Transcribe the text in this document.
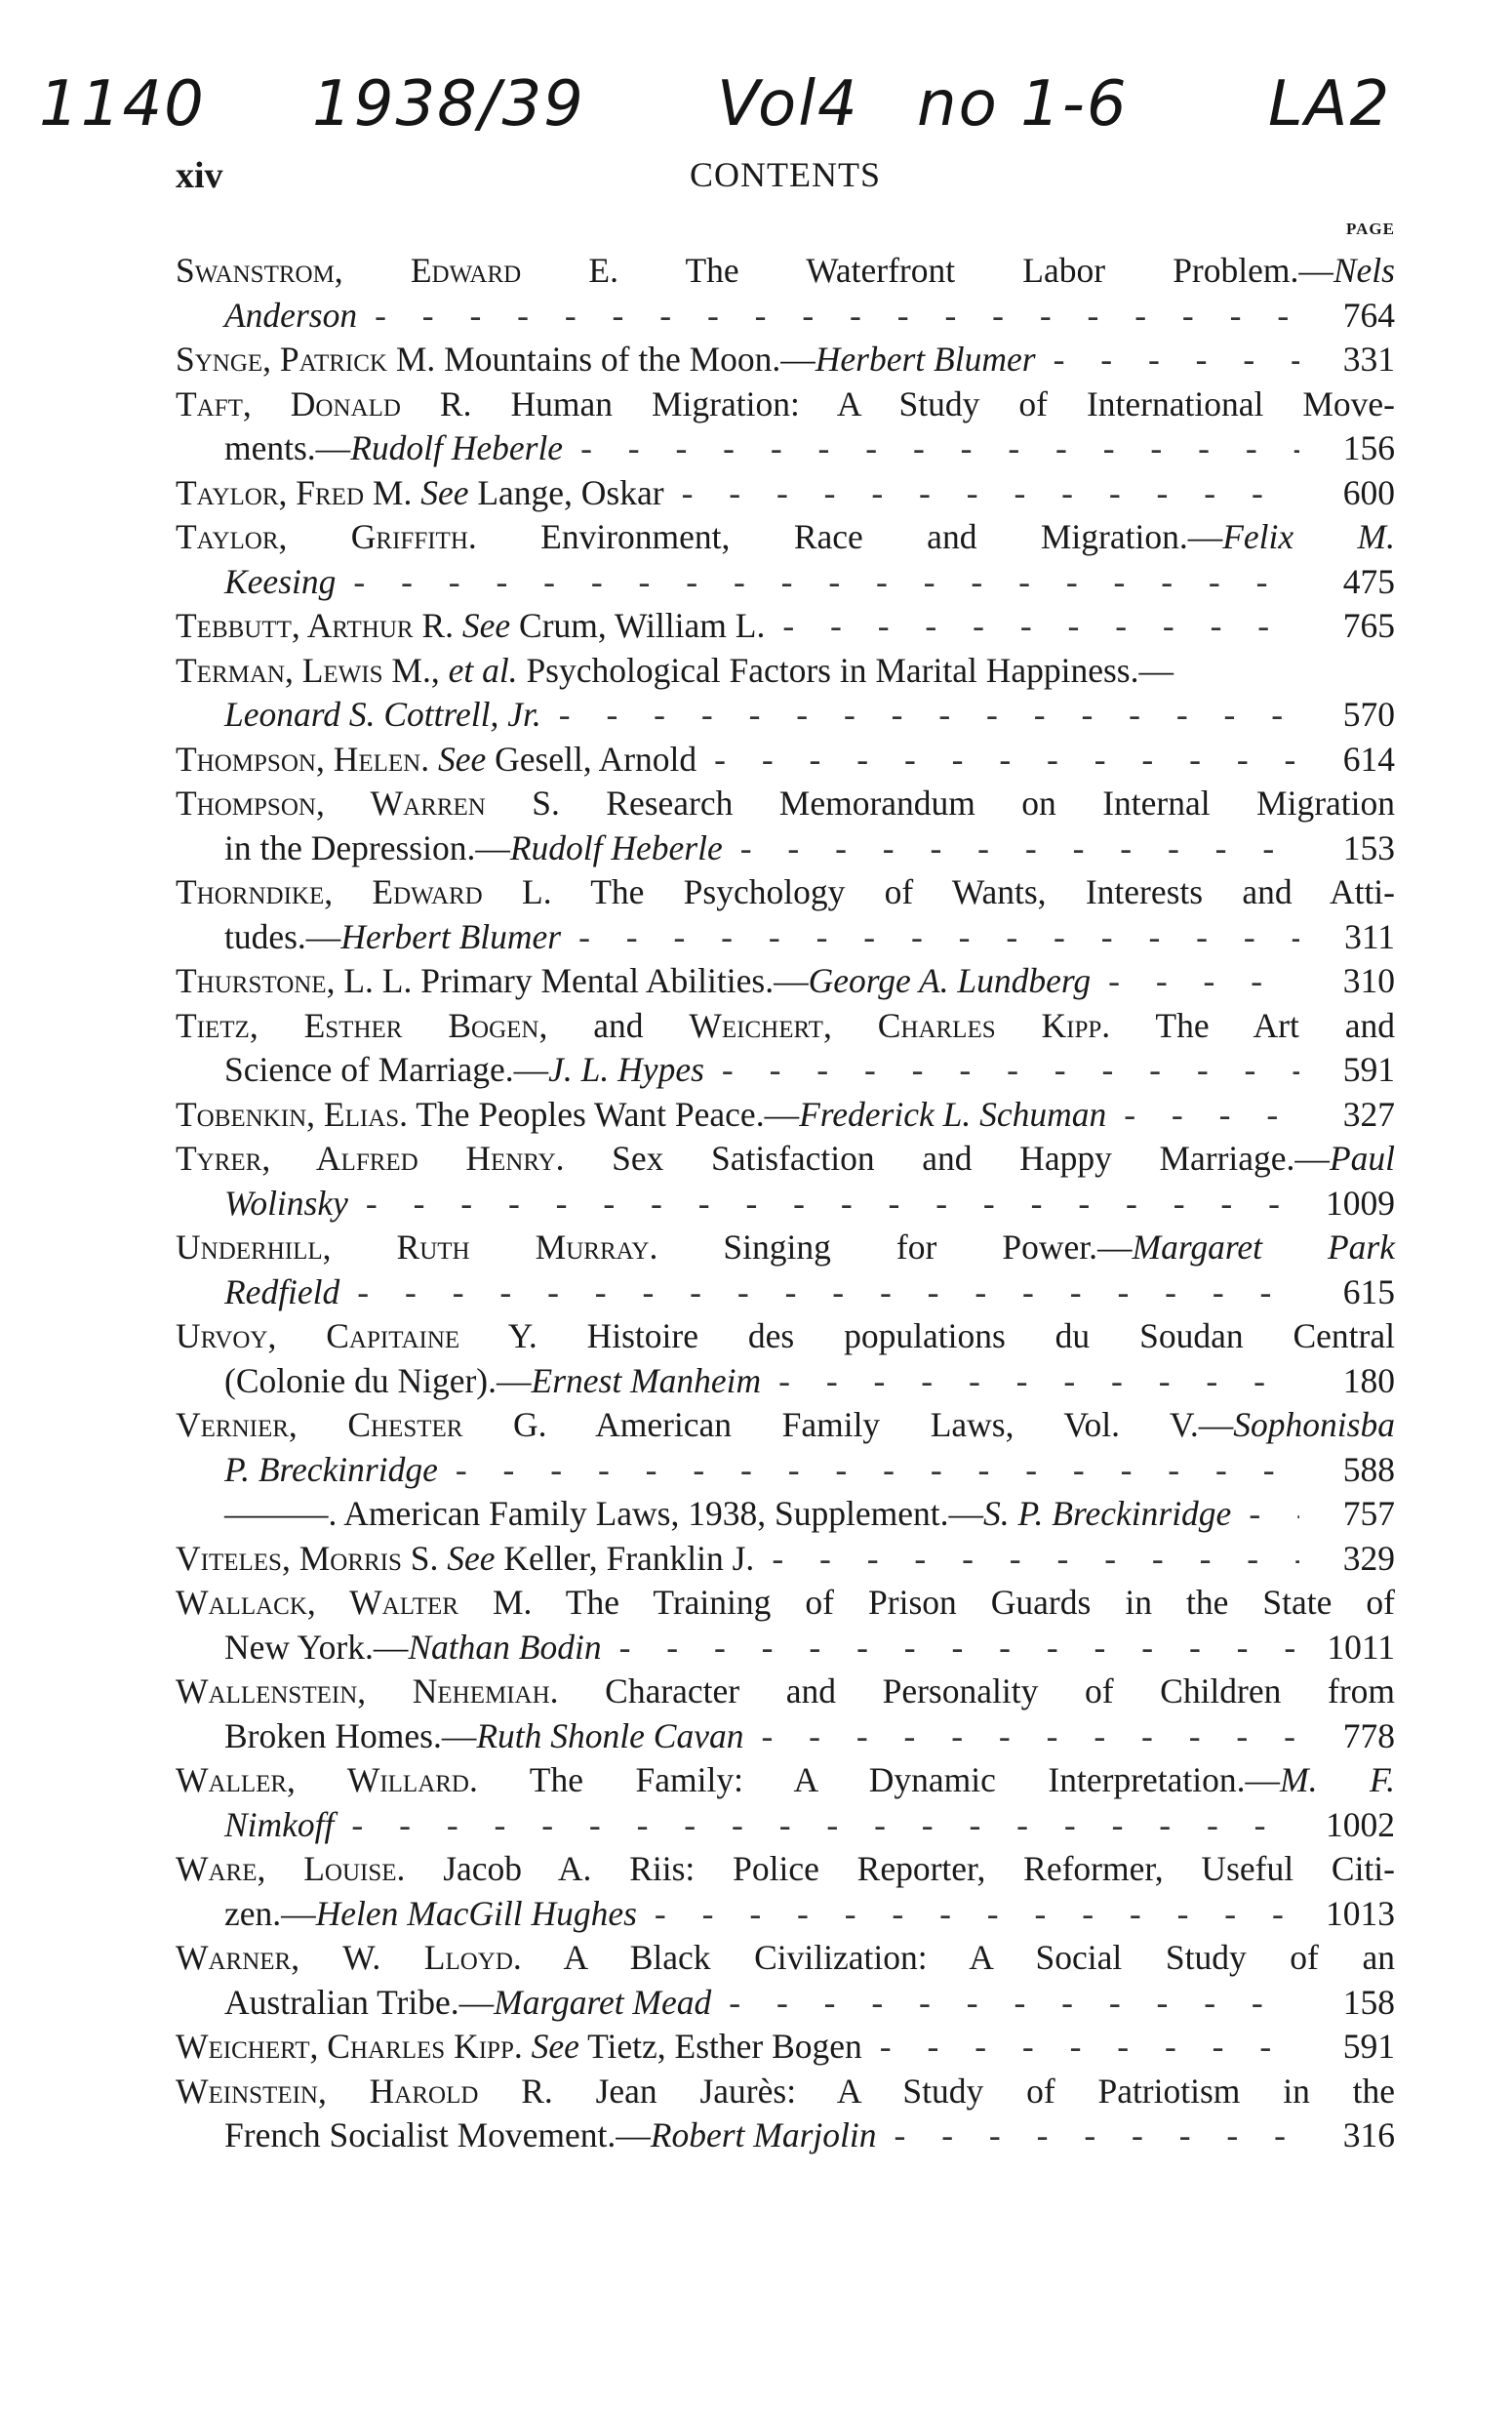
1140 1938/39 Vol4 no 1-6 LA2
xiv	CONTENTS
PAGE
Swanstrom, Edward E. The Waterfront Labor Problem.—Nels
Anderson - - -	764
Synge, Patrick M. Mountains of the Moon.—Herbert Blumer - - -	331
Taft, Donald R. Human Migration: A Study of International Move-
ments.—Rudolf Heberle - - -	156
Taylor, Fred M. See Lange, Oskar - - -	600
Taylor, Griffith. Environment, Race and Migration.—Felix M.
Keesing - - -	475
Tebbutt, Arthur R. See Crum, William L. - - -	765
Terman, Lewis M., et al. Psychological Factors in Marital Happiness.—
Leonard S. Cottrell, Jr. - - -	570
Thompson, Helen. See Gesell, Arnold - - -	614
Thompson, Warren S. Research Memorandum on Internal Migration
in the Depression.—Rudolf Heberle - - -	153
Thorndike, Edward L. The Psychology of Wants, Interests and Atti-
tudes.—Herbert Blumer - - -	311
Thurstone, L. L. Primary Mental Abilities.—George A. Lundberg - - -	310
Tietz, Esther Bogen, and Weichert, Charles Kipp. The Art and
Science of Marriage.—J. L. Hypes - - -	591
Tobenkin, Elias. The Peoples Want Peace.—Frederick L. Schuman - - -	327
Tyrer, Alfred Henry. Sex Satisfaction and Happy Marriage.—Paul
Wolinsky - - -	1009
Underhill, Ruth Murray. Singing for Power.—Margaret Park
Redfield - - -	615
Urvoy, Capitaine Y. Histoire des populations du Soudan Central
(Colonie du Niger).—Ernest Manheim - - -	180
Vernier, Chester G. American Family Laws, Vol. V.—Sophonisba
P. Breckinridge - - -	588
———. American Family Laws, 1938, Supplement.—S. P. Breckinridge - - -	757
Viteles, Morris S. See Keller, Franklin J. - - -	329
Wallack, Walter M. The Training of Prison Guards in the State of
New York.—Nathan Bodin - - -	1011
Wallenstein, Nehemiah. Character and Personality of Children from
Broken Homes.—Ruth Shonle Cavan - - -	778
Waller, Willard. The Family: A Dynamic Interpretation.—M. F.
Nimkoff - - -	1002
Ware, Louise. Jacob A. Riis: Police Reporter, Reformer, Useful Citi-
zen.—Helen MacGill Hughes - - -	1013
Warner, W. Lloyd. A Black Civilization: A Social Study of an
Australian Tribe.—Margaret Mead - - -	158
Weichert, Charles Kipp. See Tietz, Esther Bogen - - -	591
Weinstein, Harold R. Jean Jaurès: A Study of Patriotism in the
French Socialist Movement.—Robert Marjolin - - -	316
